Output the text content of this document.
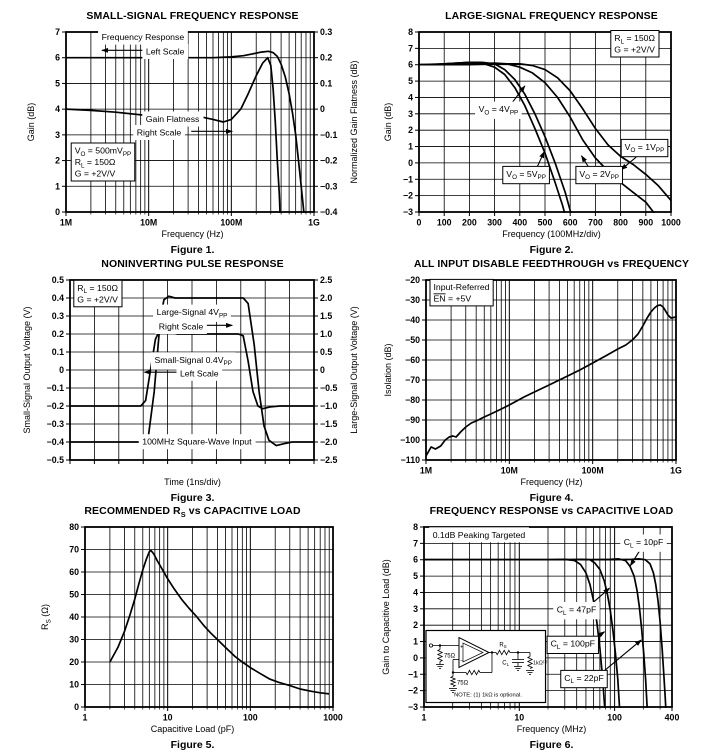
SMALL-SIGNAL FREQUENCY RESPONSE
Frequency Response
Left Scale
Gain Flatness
Right Scale
$V_O = 500mV_{PP}$
$R_L = 150\Omega$
G = +2V/V
1M	10M	100M	1G
7
6
5
4
3
2
1
0
0.3
0.2
0.1
0
−0.1
−0.2
−0.3
−0.4
Gain (dB)	Normalized Gain Flatness (dB)
Frequency (Hz)
Figure 1.
LARGE-SIGNAL FREQUENCY RESPONSE
$R_L = 150\Omega$
G = +2V/V
$V_O = 4V_{PP}$
$V_O = 5V_{PP}$	$V_O = 2V_{PP}$
$V_O = 1V_{PP}$
0 100 200 300 400 500 600 700 800 900 1000
8
7
6
5
4
3
2
1
0
−1
−2
−3
Gain (dB)
Frequency (100MHz/div)
Figure 2.
NONINVERTING PULSE RESPONSE
$R_L = 150\Omega$
G = +2V/V
Large-Signal $4V_{PP}$
Right Scale
Small-Signal $0.4V_{PP}$
Left Scale
100MHz Square-Wave Input
0.5
0.4
0.3
0.2
0.1
0
−0.1
−0.2
−0.3
−0.4
−0.5
2.5
2.0
1.5
1.0
0.5
0
−0.5
−1.0
−1.5
−2.0
−2.5
Small-Signal Output Voltage (V)	Large-Signal Output Voltage (V)
Time (1ns/div)
Figure 3.
ALL INPUT DISABLE FEEDTHROUGH vs FREQUENCY
Input-Referred
EN = +5V
1M	10M	100M	1G
−20
−30
−40
−50
−60
−70
−80
−90
−100
−110
Isolation (dB)
Frequency (Hz)
Figure 4.
RECOMMENDED $R_S$ vs CAPACITIVE LOAD
1	10	100	1000
80
70
60
50
40
30
20
10
0
$R_S$ (Ω)
Capacitive Load (pF)
Figure 5.
FREQUENCY RESPONSE vs CAPACITIVE LOAD
0.1dB Peaking Targeted
$C_L = 10pF$
$C_L = 47pF$
$C_L = 100pF$
$C_L = 22pF$
75Ω
+
−
75Ω
$R_S$
$C_L$	$1k\Omega^{(1)}$
NOTE: (1) 1kΩ is optional.
1	10	100	400
8
7
6
5
4
3
2
1
0
−1
−2
−3
Gain to Capacitive Load (dB)
Frequency (MHz)
Figure 6.
